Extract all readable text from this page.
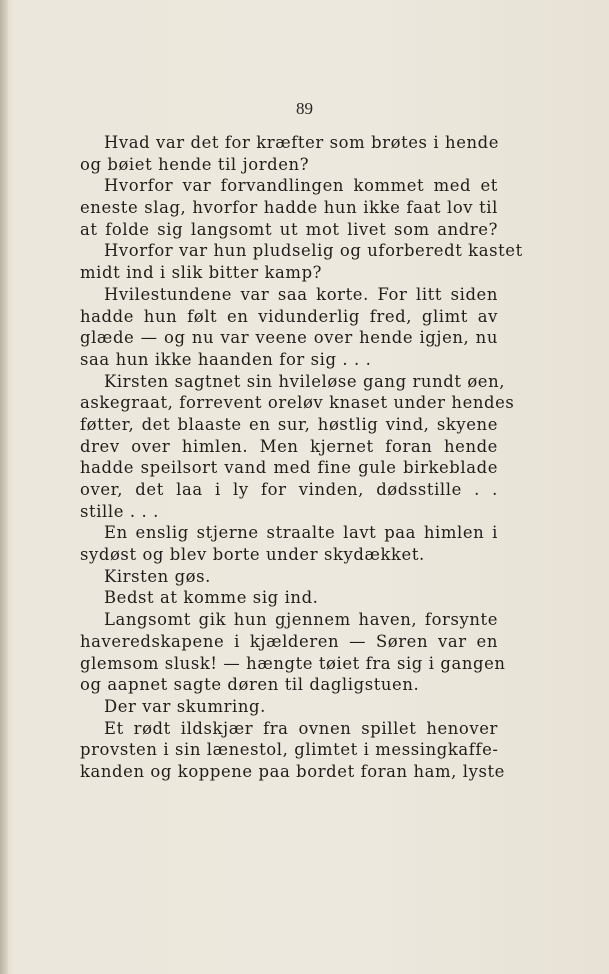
89
Hvad var det for kræfter som brøtes i hende
og bøiet hende til jorden?
Hvorfor var forvandlingen kommet med et
eneste slag, hvorfor hadde hun ikke faat lov til
at folde sig langsomt ut mot livet som andre?
Hvorfor var hun pludselig og uforberedt kastet
midt ind i slik bitter kamp?
Hvilestundene var saa korte. For litt siden
hadde hun følt en vidunderlig fred, glimt av
glæde — og nu var veene over hende igjen, nu
saa hun ikke haanden for sig . . .
Kirsten sagtnet sin hvileløse gang rundt øen,
askegraat, forrevent oreløv knaset under hendes
føtter, det blaaste en sur, høstlig vind, skyene
drev over himlen. Men kjernet foran hende
hadde speilsort vand med fine gule birkeblade
over, det laa i ly for vinden, dødsstille . .
stille . . .
En enslig stjerne straalte lavt paa himlen i
sydøst og blev borte under skydækket.
Kirsten gøs.
Bedst at komme sig ind.
Langsomt gik hun gjennem haven, forsynte
haveredskapene i kjælderen — Søren var en
glemsom slusk! — hængte tøiet fra sig i gangen
og aapnet sagte døren til dagligstuen.
Der var skumring.
Et rødt ildskjær fra ovnen spillet henover
provsten i sin lænestol, glimtet i messingkaffe-
kanden og koppene paa bordet foran ham, lyste
